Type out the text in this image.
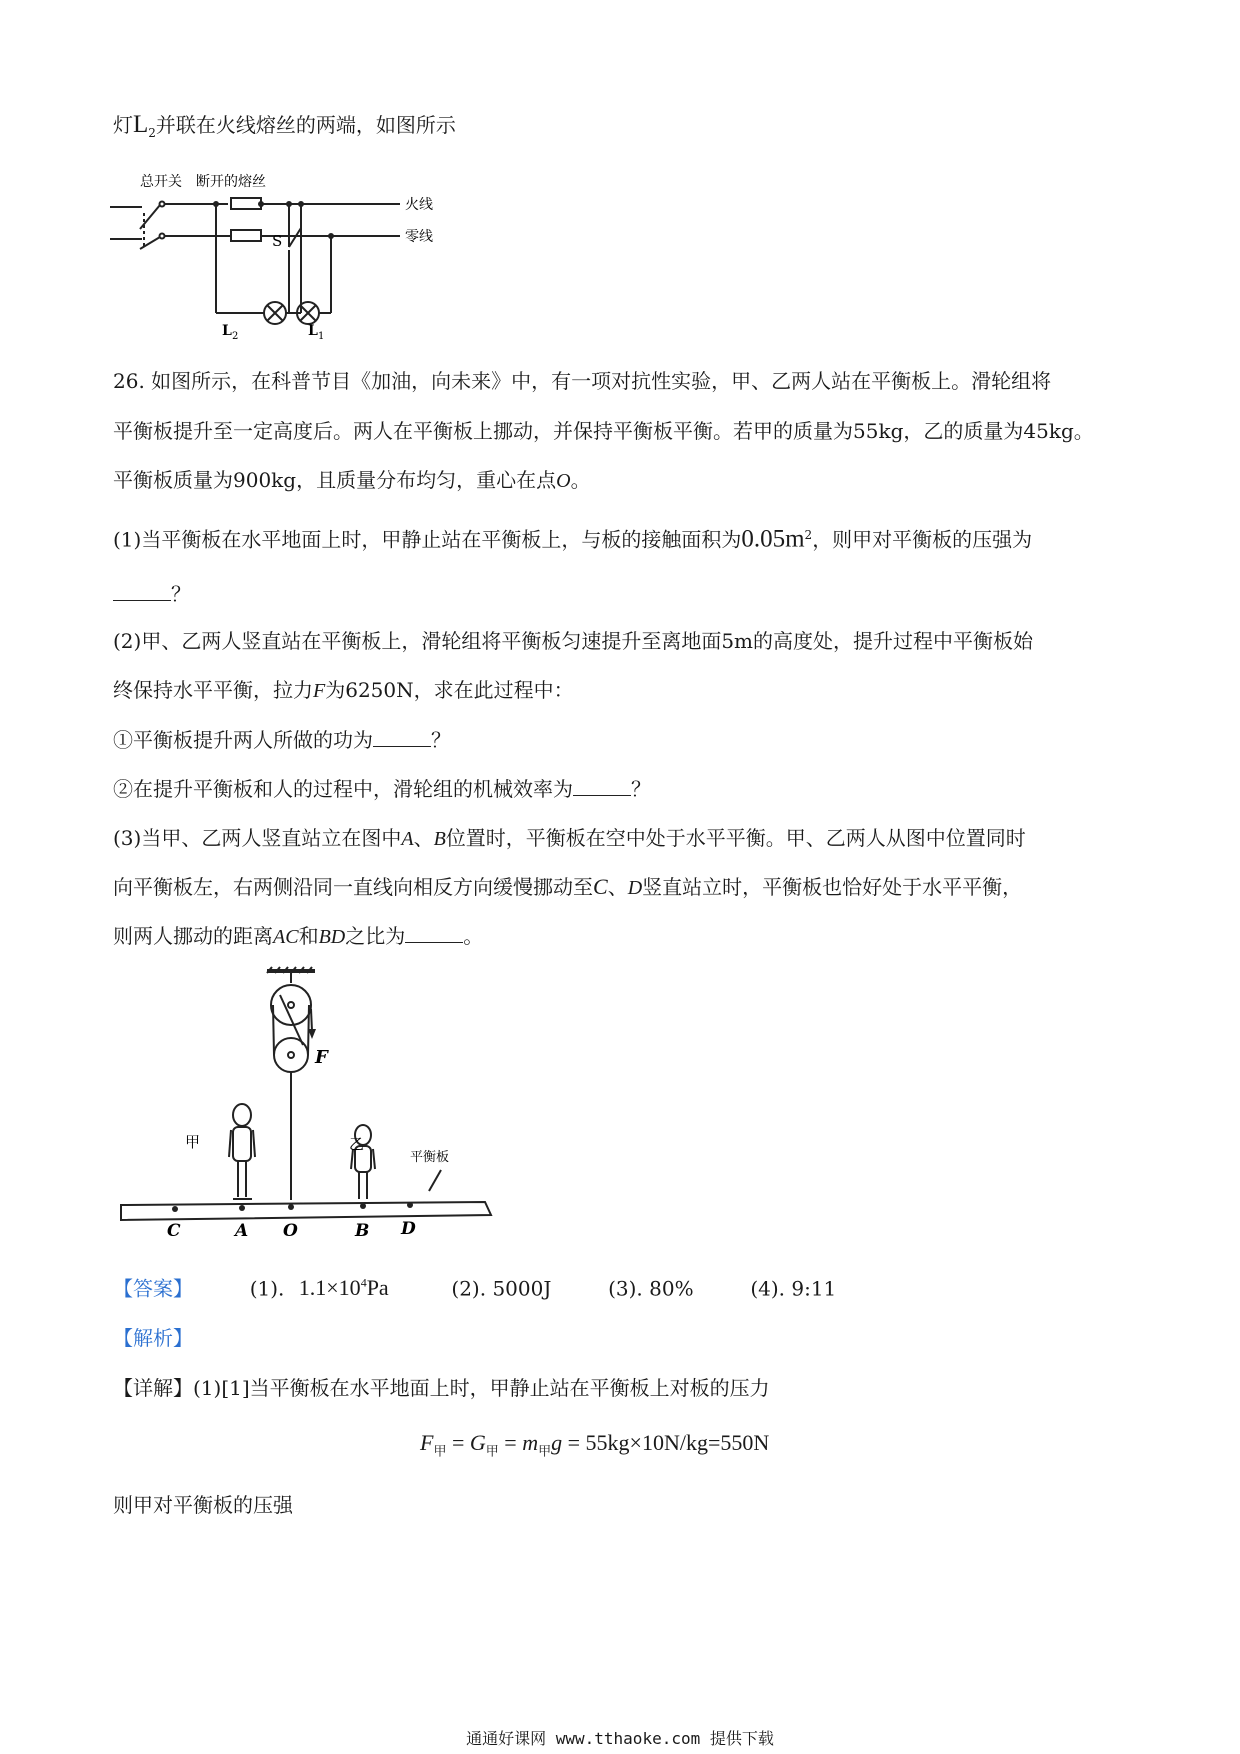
灯$L_2$并联在火线熔丝的两端，如图所示
总开关 断开的熔丝
火线
零线
S
L 2	L 1
26. 如图所示，在科普节目《加油，向未来》中，有一项对抗性实验，甲、乙两人站在平衡板上。滑轮组将
平衡板提升至一定高度后。两人在平衡板上挪动，并保持平衡板平衡。若甲的质量为55kg，乙的质量为45kg。
平衡板质量为900kg，且质量分布均匀，重心在点O。
(1)当平衡板在水平地面上时，甲静止站在平衡板上，与板的接触面积为$0.05m^2$，则甲对平衡板的压强为
？
(2)甲、乙两人竖直站在平衡板上，滑轮组将平衡板匀速提升至离地面5m的高度处，提升过程中平衡板始
终保持水平平衡，拉力F为6250N，求在此过程中：
①平衡板提升两人所做的功为	？
②在提升平衡板和人的过程中，滑轮组的机械效率为	？
(3)当甲、乙两人竖直站立在图中A、B位置时，平衡板在空中处于水平平衡。甲、乙两人从图中位置同时
向平衡板左，右两侧沿同一直线向相反方向缓慢挪动至C、D竖直站立时，平衡板也恰好处于水平平衡，
则两人挪动的距离AC和BD之比为	。
F
甲	乙
平衡板
C	A O	B D
【答案】	(1). $1.1\times 10^4Pa$	(2). 5000J	(3). 80%	(4). 9:11
【解析】
【详解】(1)[1]当平衡板在水平地面上时，甲静止站在平衡板上对板的压力
$F_甲 = G_甲 = m_甲g = 55kg\times 10N/kg=550N$
则甲对平衡板的压强
通通好课网 www.tthaoke.com 提供下载
